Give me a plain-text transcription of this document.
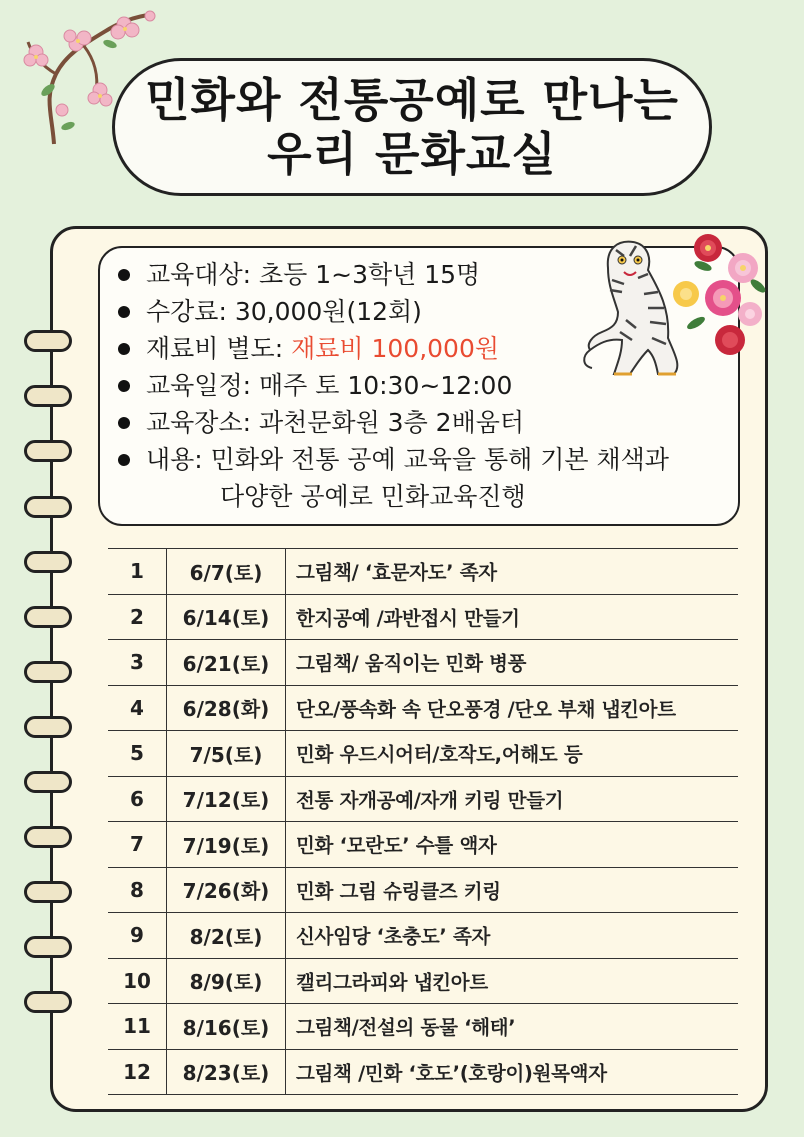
민화와 전통공예로 만나는
우리 문화교실
교육대상: 초등 1~3학년 15명
수강료: 30,000원(12회)
재료비 별도: 재료비 100,000원
교육일정: 매주 토 10:30~12:00
교육장소: 과천문화원 3층 2배움터
내용: 민화와 전통 공예 교육을 통해 기본 채색과
다양한 공예로 민화교육진행
1	6/7(토)	그림책/ ‘효문자도’ 족자
2	6/14(토)	한지공예 /과반접시 만들기
3	6/21(토)	그림책/ 움직이는 민화 병풍
4	6/28(화)	단오/풍속화 속 단오풍경 /단오 부채 냅킨아트
5	7/5(토)	민화 우드시어터/호작도,어해도 등
6	7/12(토)	전통 자개공예/자개 키링 만들기
7	7/19(토)	민화 ‘모란도’ 수틀 액자
8	7/26(화)	민화 그림 슈링클즈 키링
9	8/2(토)	신사임당 ‘초충도’ 족자
10	8/9(토)	캘리그라피와 냅킨아트
11	8/16(토)	그림책/전설의 동물 ‘해태’
12	8/23(토)	그림책 /민화 ‘호도’(호랑이)원목액자
